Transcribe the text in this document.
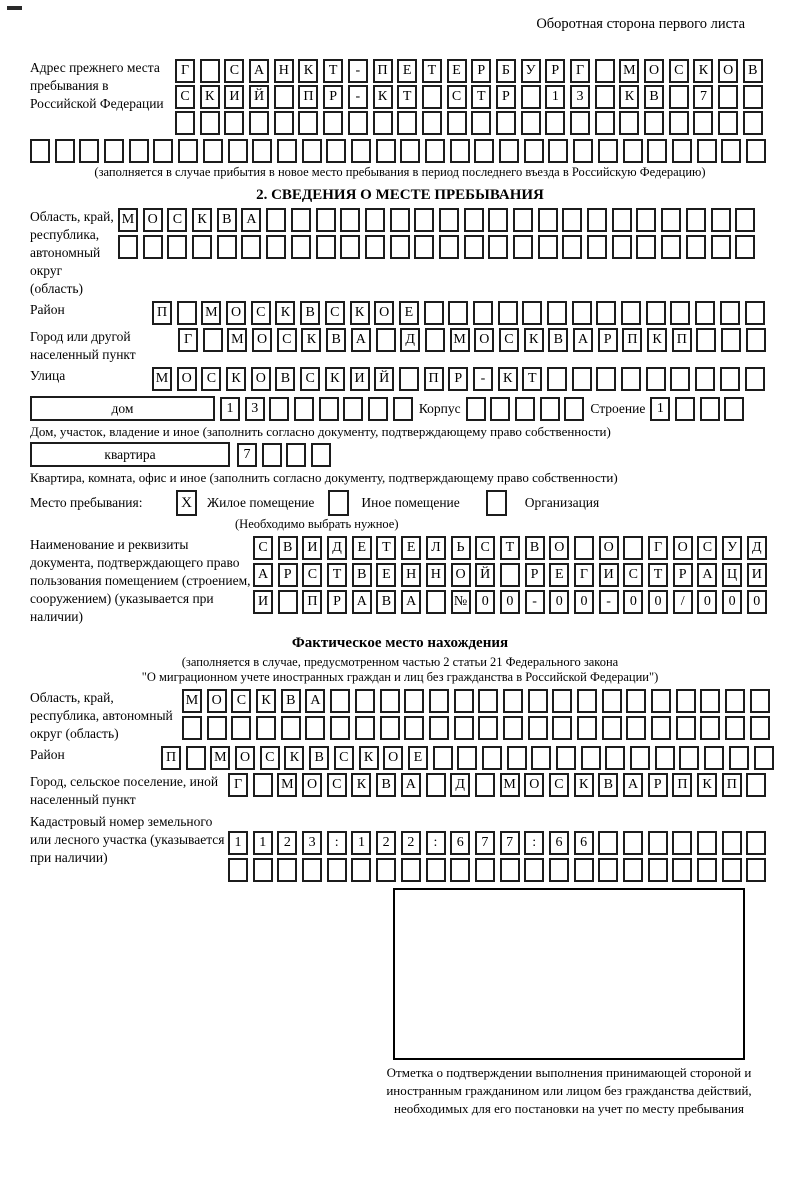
Оборотная сторона первого листа
Адрес прежнего места пребывания в Российской Федерации
Г	С	А	Н	К	Т	-	П	Е	Т	Е	Р	Б	У	Р	Г	М О	С	К	О	В
С	К	И	Й	П	Р	-	К	Т	С	Т	Р	1	3	К	В	7
(заполняется в случае прибытия в новое место пребывания в период последнего въезда в Российскую Федерацию)
2. СВЕДЕНИЯ О МЕСТЕ ПРЕБЫВАНИЯ
Область, край, республика, автономный округ (область)
М О	С	К	В	А
Район	П	М О	С	К	В	С	К	О	Е
Город или другой населенный пункт
Г	М О	С	К	В	А	Д	М О	С	К	В	А	Р	П	К	П
Улица	М О	С	К	О	В	С	К	И	Й	П	Р	-	К	Т
дом	1	3	Корпус	Строение 1
Дом, участок, владение и иное (заполнить согласно документу, подтверждающему право собственности)
квартира	7
Квартира, комната, офис и иное (заполнить согласно документу, подтверждающему право собственности)
Место пребывания:	X	Жилое помещение	Иное помещение	Организация
(Необходимо выбрать нужное)
Наименование и реквизиты документа, подтверждающего право пользования помещением (строением, сооружением) (указывается при наличии)
С	В	И	Д	Е	Т	Е	Л	Ь	С	Т	В	О	О	Г	О	С	У	Д
А	Р	С	Т	В	Е	Н	Н	О	Й	Р	Е	Г	И	С	Т	Р	А	Ц	И
И	П	Р	А	В	А	№	0	0	-	0	0	-	0	0	/	0	0	0
Фактическое место нахождения
(заполняется в случае, предусмотренном частью 2 статьи 21 Федерального закона
"О миграционном учете иностранных граждан и лиц без гражданства в Российской Федерации")
Область, край, республика, автономный округ (область)
М О	С	К	В	А
Район	П	М О	С	К	В	С	К	О	Е
Город, сельское поселение, иной населенный пункт
Г	М О	С	К	В	А	Д	М О	С	К	В	А	Р	П	К	П
Кадастровый номер земельного или лесного участка (указывается при наличии)
1	1	2	3	:	1	2	2	:	6	7	7	:	6	6
Отметка о подтверждении выполнения принимающей стороной и иностранным гражданином или лицом без гражданства действий, необходимых для его постановки на учет по месту пребывания
